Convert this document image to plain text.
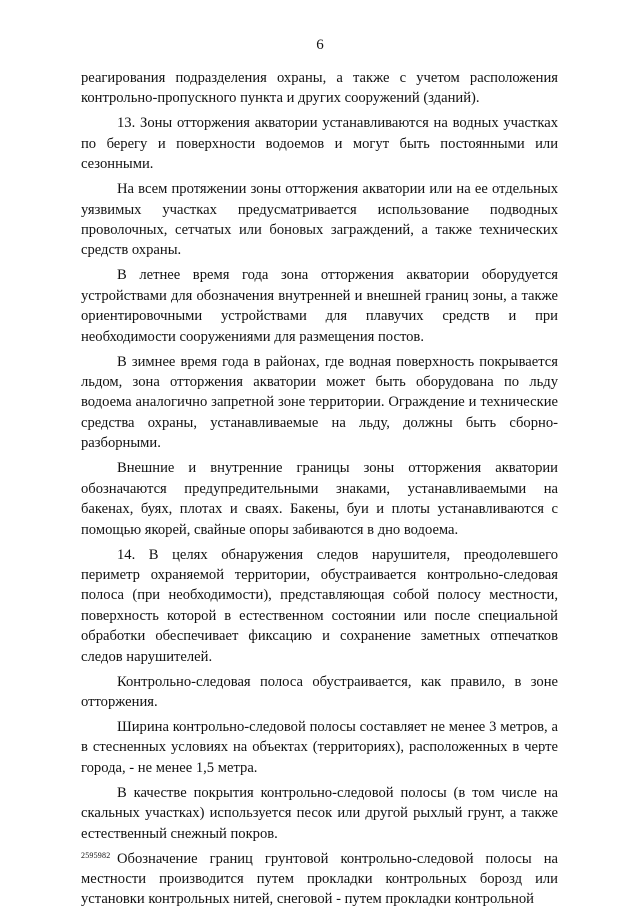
6

реагирования подразделения охраны, а также с учетом расположения контрольно-пропускного пункта и других сооружений (зданий).

13. Зоны отторжения акватории устанавливаются на водных участках по берегу и поверхности водоемов и могут быть постоянными или сезонными.

На всем протяжении зоны отторжения акватории или на ее отдельных уязвимых участках предусматривается использование подводных проволочных, сетчатых или боновых заграждений, а также технических средств охраны.

В летнее время года зона отторжения акватории оборудуется устройствами для обозначения внутренней и внешней границ зоны, а также ориентировочными устройствами для плавучих средств и при необходимости сооружениями для размещения постов.

В зимнее время года в районах, где водная поверхность покрывается льдом, зона отторжения акватории может быть оборудована по льду водоема аналогично запретной зоне территории. Ограждение и технические средства охраны, устанавливаемые на льду, должны быть сборно-разборными.

Внешние и внутренние границы зоны отторжения акватории обозначаются предупредительными знаками, устанавливаемыми на бакенах, буях, плотах и сваях. Бакены, буи и плоты устанавливаются с помощью якорей, свайные опоры забиваются в дно водоема.

14. В целях обнаружения следов нарушителя, преодолевшего периметр охраняемой территории, обустраивается контрольно-следовая полоса (при необходимости), представляющая собой полосу местности, поверхность которой в естественном состоянии или после специальной обработки обеспечивает фиксацию и сохранение заметных отпечатков следов нарушителей.

Контрольно-следовая полоса обустраивается, как правило, в зоне отторжения.

Ширина контрольно-следовой полосы составляет не менее 3 метров, а в стесненных условиях на объектах (территориях), расположенных в черте города, - не менее 1,5 метра.

В качестве покрытия контрольно-следовой полосы (в том числе на скальных участках) используется песок или другой рыхлый грунт, а также естественный снежный покров.

Обозначение границ грунтовой контрольно-следовой полосы на местности производится путем прокладки контрольных борозд или установки контрольных нитей, снеговой - путем прокладки контрольной

2595982
